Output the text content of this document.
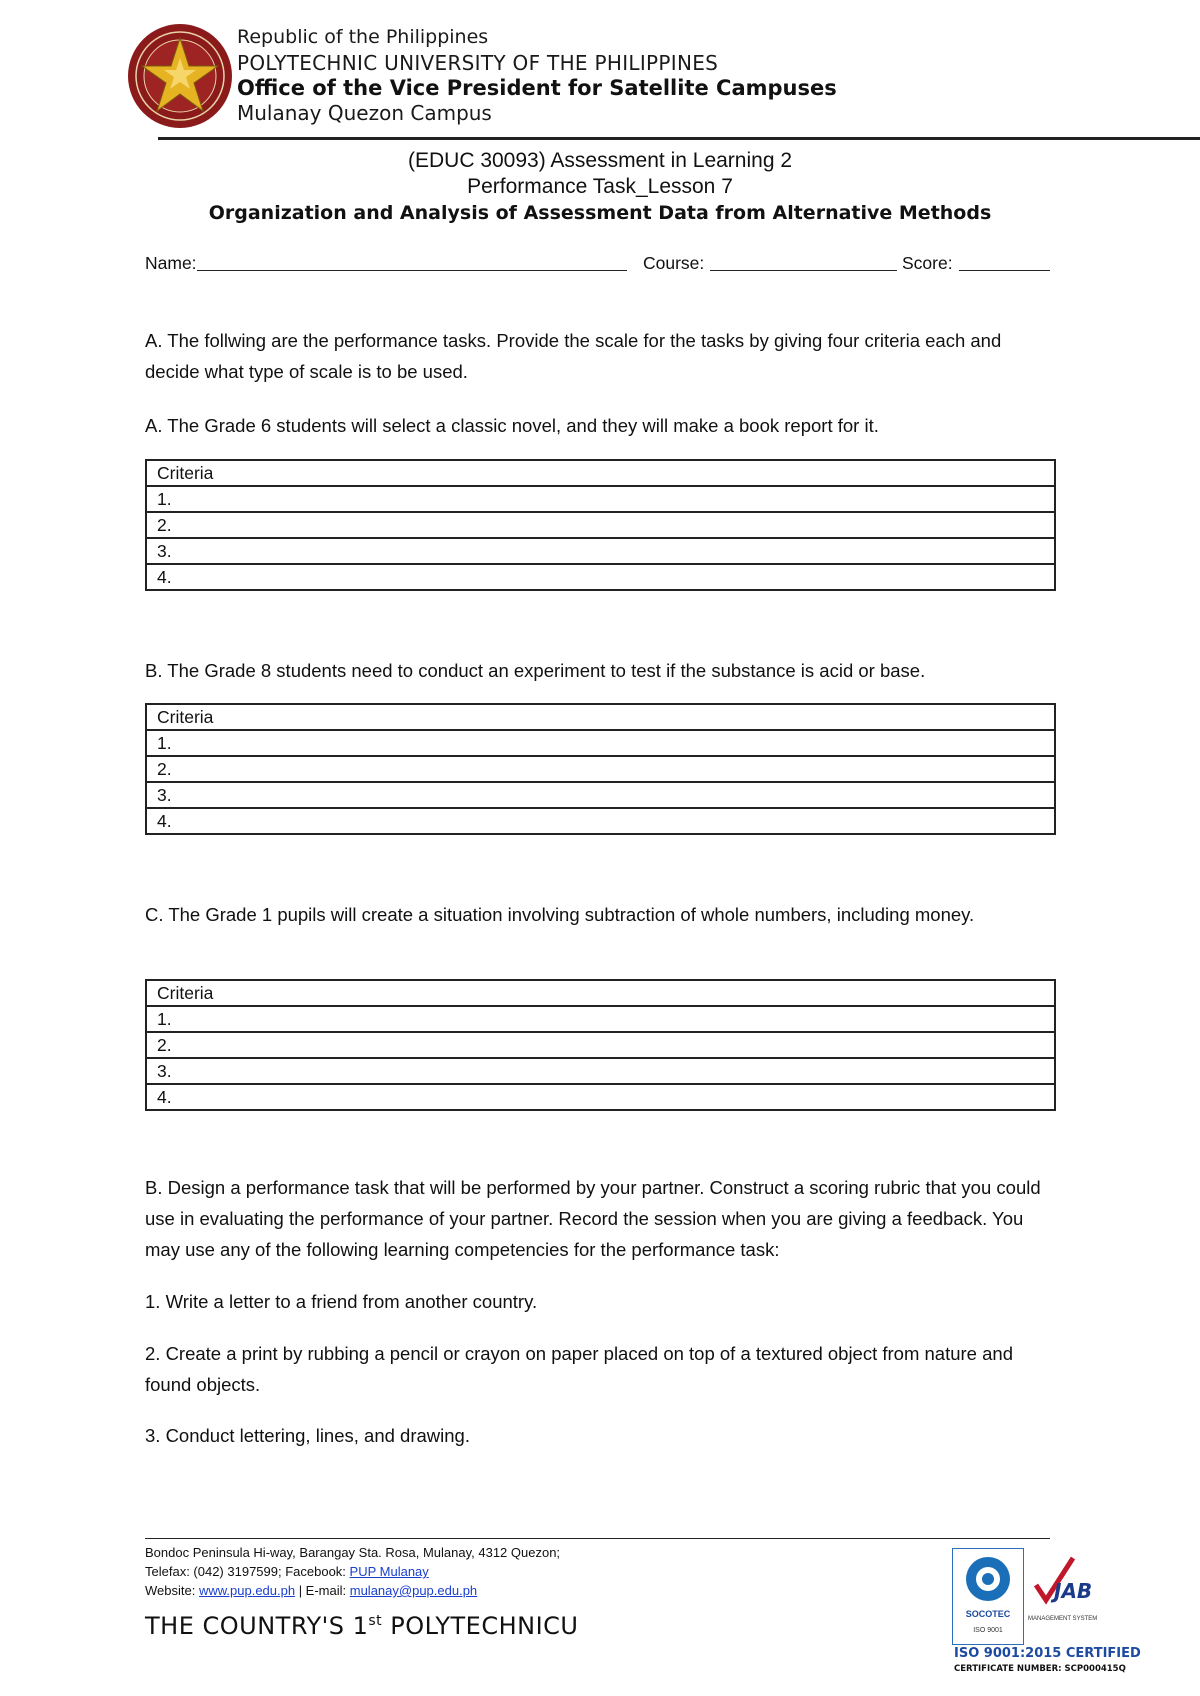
Republic of the Philippines
POLYTECHNIC UNIVERSITY OF THE PHILIPPINES
Office of the Vice President for Satellite Campuses
Mulanay Quezon Campus
(EDUC 30093) Assessment in Learning 2
Performance Task_Lesson 7
Organization and Analysis of Assessment Data from Alternative Methods
Name:	Course:	Score:
A. The follwing are the performance tasks. Provide the scale for the tasks by giving four criteria each and decide what type of scale is to be used.
A. The Grade 6 students will select a classic novel, and they will make a book report for it.
Criteria
1.
2.
3.
4.
B. The Grade 8 students need to conduct an experiment to test if the substance is acid or base.
Criteria
1.
2.
3.
4.
C. The Grade 1 pupils will create a situation involving subtraction of whole numbers, including money.
Criteria
1.
2.
3.
4.
B. Design a performance task that will be performed by your partner. Construct a scoring rubric that you could use in evaluating the performance of your partner. Record the session when you are giving a feedback. You may use any of the following learning competencies for the performance task:
1. Write a letter to a friend from another country.
2. Create a print by rubbing a pencil or crayon on paper placed on top of a textured object from nature and found objects.
3. Conduct lettering, lines, and drawing.
Bondoc Peninsula Hi-way, Barangay Sta. Rosa, Mulanay, 4312 Quezon;
Telefax: (042) 3197599; Facebook: PUP Mulanay
Website: www.pup.edu.ph | E-mail: mulanay@pup.edu.ph
THE COUNTRY'S 1st POLYTECHNICU	SOCOTEC
ISO 9001
JAB
MANAGEMENT SYSTEM
ISO 9001:2015 CERTIFIED
CERTIFICATE NUMBER: SCP000415Q
